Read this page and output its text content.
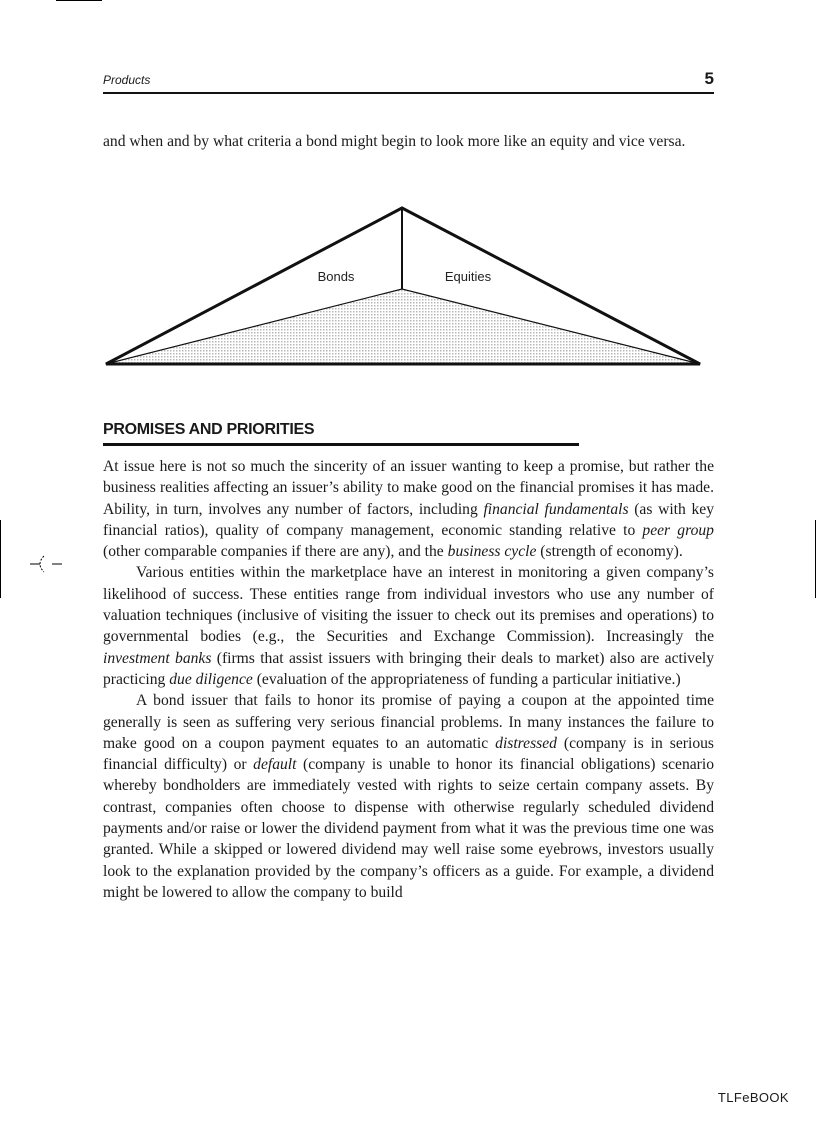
Products	5

and when and by what criteria a bond might begin to look more like an equity and vice versa.

Bonds	Equities
PROMISES AND PRIORITIES

At issue here is not so much the sincerity of an issuer wanting to keep a promise, but rather the business realities affecting an issuer’s ability to make good on the financial promises it has made. Ability, in turn, involves any number of factors, including financial fundamentals (as with key financial ratios), quality of company management, economic standing relative to peer group (other comparable companies if there are any), and the business cycle (strength of economy).

Various entities within the marketplace have an interest in monitoring a given company’s likelihood of success. These entities range from individual investors who use any number of valuation techniques (inclusive of visiting the issuer to check out its premises and operations) to governmental bodies (e.g., the Securities and Exchange Commission). Increasingly the investment banks (firms that assist issuers with bringing their deals to market) also are actively practicing due diligence (evaluation of the appropriateness of funding a particular initiative.)

A bond issuer that fails to honor its promise of paying a coupon at the appointed time generally is seen as suffering very serious financial problems. In many instances the failure to make good on a coupon payment equates to an automatic distressed (company is in serious financial difficulty) or default (company is unable to honor its financial obligations) scenario whereby bondholders are immediately vested with rights to seize certain company assets. By contrast, companies often choose to dispense with otherwise regularly scheduled dividend payments and/or raise or lower the dividend payment from what it was the previous time one was granted. While a skipped or lowered dividend may well raise some eyebrows, investors usually look to the explanation provided by the company’s officers as a guide. For example, a dividend might be lowered to allow the company to build

TLFeBOOK
